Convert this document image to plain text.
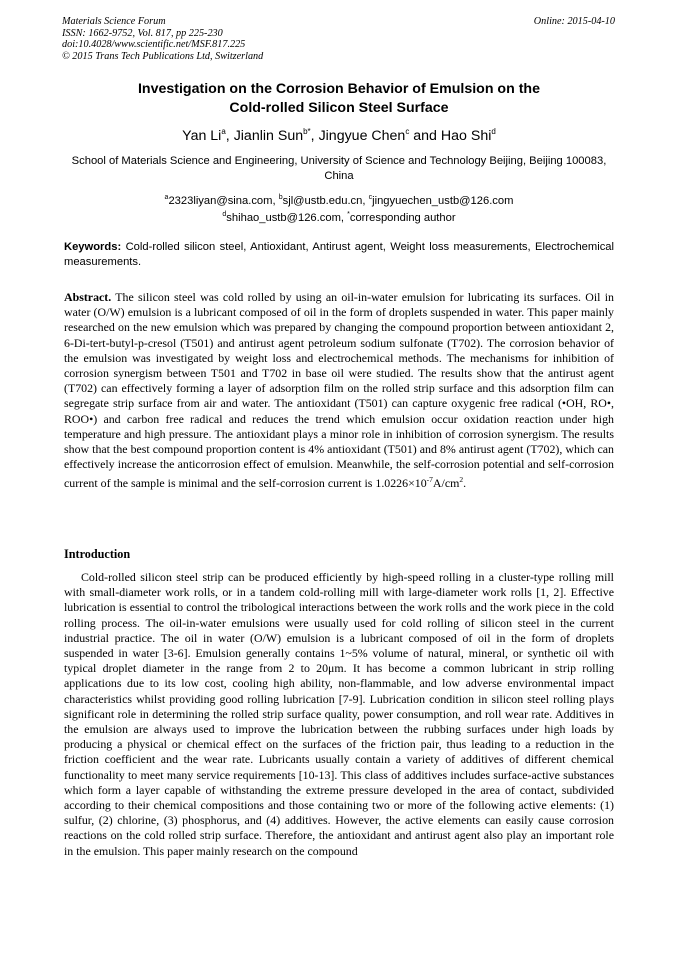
Materials Science Forum
ISSN: 1662-9752, Vol. 817, pp 225-230
doi:10.4028/www.scientific.net/MSF.817.225
© 2015 Trans Tech Publications Ltd, Switzerland
Online: 2015-04-10
Investigation on the Corrosion Behavior of Emulsion on the
Cold-rolled Silicon Steel Surface
Yan Li$^a$, Jianlin Sun$^{b*}$, Jingyue Chen$^c$ and Hao Shi$^d$
School of Materials Science and Engineering, University of Science and Technology Beijing, Beijing 100083, China
$^a$2323liyan@sina.com, $^b$sjl@ustb.edu.cn, $^c$jingyuechen_ustb@126.com
$^d$shihao_ustb@126.com, *corresponding author
Keywords: Cold-rolled silicon steel, Antioxidant, Antirust agent, Weight loss measurements, Electrochemical measurements.
Abstract. The silicon steel was cold rolled by using an oil-in-water emulsion for lubricating its surfaces. Oil in water (O/W) emulsion is a lubricant composed of oil in the form of droplets suspended in water. This paper mainly researched on the new emulsion which was prepared by changing the compound proportion between antioxidant 2, 6-Di-tert-butyl-p-cresol (T501) and antirust agent petroleum sodium sulfonate (T702). The corrosion behavior of the emulsion was investigated by weight loss and electrochemical methods. The mechanisms for inhibition of corrosion synergism between T501 and T702 in base oil were studied. The results show that the antirust agent (T702) can effectively forming a layer of adsorption film on the rolled strip surface and this adsorption film can segregate strip surface from air and water. The antioxidant (T501) can capture oxygenic free radical (•OH, RO•, ROO•) and carbon free radical and reduces the trend which emulsion occur oxidation reaction under high temperature and high pressure. The antioxidant plays a minor role in inhibition of corrosion synergism. The results show that the best compound proportion content is 4% antioxidant (T501) and 8% antirust agent (T702), which can effectively increase the anticorrosion effect of emulsion. Meanwhile, the self-corrosion potential and self-corrosion current of the sample is minimal and the self-corrosion current is $1.0226\times 10^{-7}A/cm^2$.
Introduction
Cold-rolled silicon steel strip can be produced efficiently by high-speed rolling in a cluster-type rolling mill with small-diameter work rolls, or in a tandem cold-rolling mill with large-diameter work rolls [1, 2]. Effective lubrication is essential to control the tribological interactions between the work rolls and the work piece in the cold rolling process. The oil-in-water emulsions were usually used for cold rolling of silicon steel in the current industrial practice. The oil in water (O/W) emulsion is a lubricant composed of oil in the form of droplets suspended in water [3-6]. Emulsion generally contains 1~5% volume of natural, mineral, or synthetic oil with typical droplet diameter in the range from 2 to 20μm. It has become a common lubricant in strip rolling applications due to its low cost, cooling high ability, non-flammable, and low adverse environmental impact characteristics whilst providing good rolling lubrication [7-9]. Lubrication condition in silicon steel rolling plays significant role in determining the rolled strip surface quality, power consumption, and roll wear rate. Additives in the emulsion are always used to improve the lubrication between the rubbing surfaces under high loads by producing a physical or chemical effect on the surfaces of the friction pair, thus leading to a reduction in the friction coefficient and the wear rate. Lubricants usually contain a variety of additives of different chemical functionality to meet many service requirements [10-13]. This class of additives includes surface-active substances which form a layer capable of withstanding the extreme pressure developed in the area of contact, subdivided according to their chemical compositions and those containing two or more of the following active elements: (1) sulfur, (2) chlorine, (3) phosphorus, and (4) additives. However, the active elements can easily cause corrosion reactions on the cold rolled strip surface. Therefore, the antioxidant and antirust agent also play an important role in the emulsion. This paper mainly research on the compound
